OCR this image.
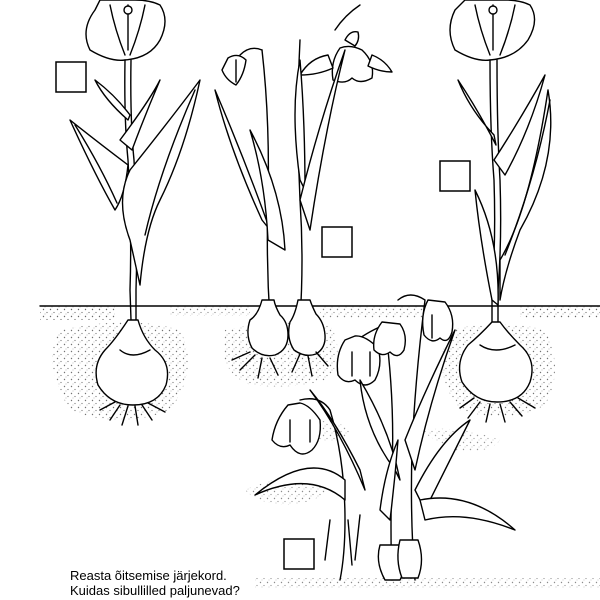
Reasta õitsemise järjekord.
Kuidas sibullilled paljunevad?
